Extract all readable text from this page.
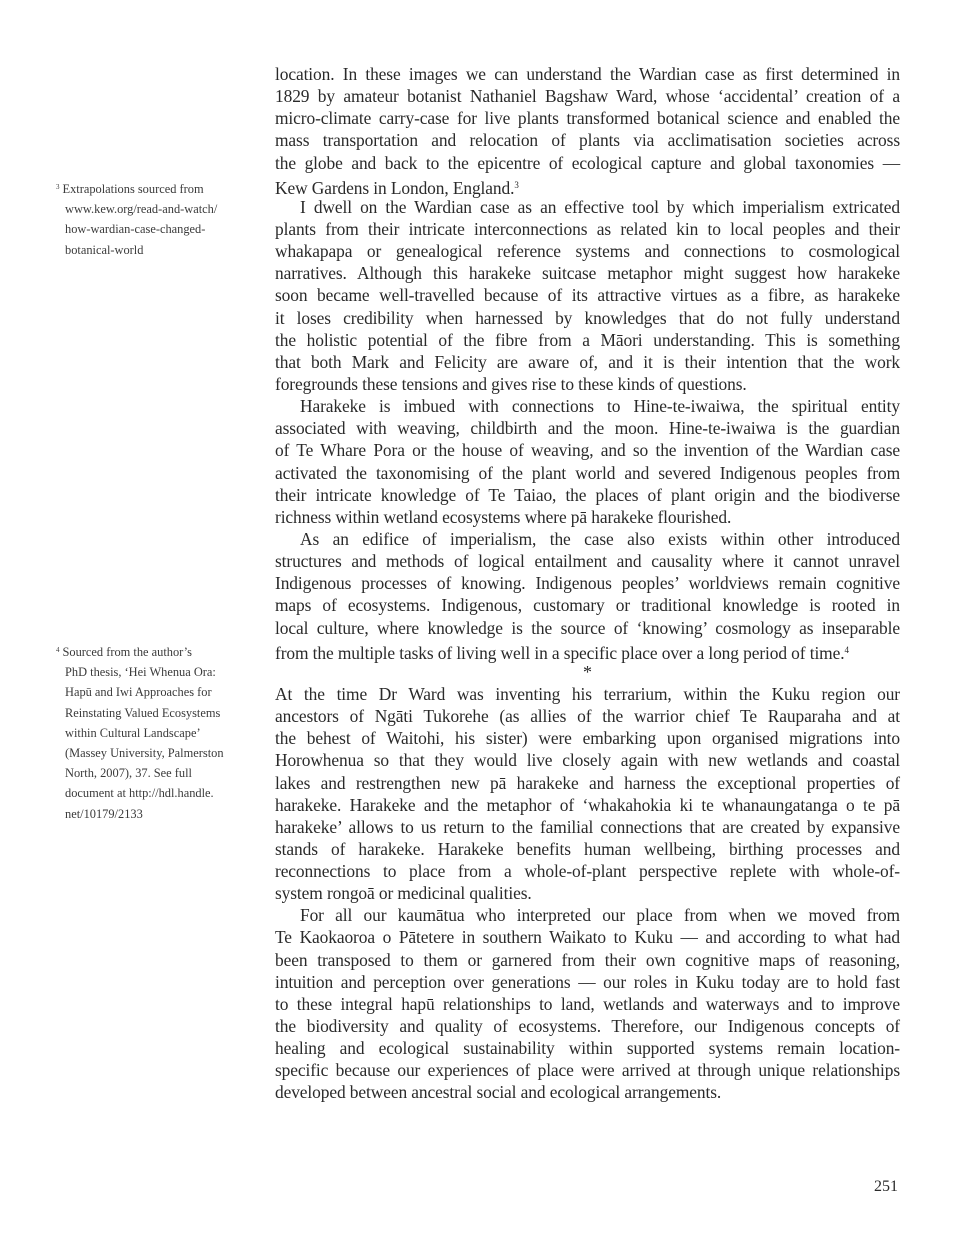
$^3$ Extrapolations sourced from
www.kew.org/read-and-watch/
how-wardian-case-changed-
botanical-world
$^4$ Sourced from the author’s
PhD thesis, ‘Hei Whenua Ora:
Hapū and Iwi Approaches for
Reinstating Valued Ecosystems
within Cultural Landscape’
(Massey University, Palmerston
North, 2007), 37. See full
document at http://hdl.handle.
net/10179/2133
location. In these images we can understand the Wardian case as first determined in
1829 by amateur botanist Nathaniel Bagshaw Ward, whose ‘accidental’ creation of a
micro-climate carry-case for live plants transformed botanical science and enabled the
mass transportation and relocation of plants via acclimatisation societies across
the globe and back to the epicentre of ecological capture and global taxonomies —
Kew Gardens in London, England.$^3$
I dwell on the Wardian case as an effective tool by which imperialism extricated
plants from their intricate interconnections as related kin to local peoples and their
whakapapa or genealogical reference systems and connections to cosmological
narratives. Although this harakeke suitcase metaphor might suggest how harakeke
soon became well-travelled because of its attractive virtues as a fibre, as harakeke
it loses credibility when harnessed by knowledges that do not fully understand
the holistic potential of the fibre from a Māori understanding. This is something
that both Mark and Felicity are aware of, and it is their intention that the work
foregrounds these tensions and gives rise to these kinds of questions.
Harakeke is imbued with connections to Hine-te-iwaiwa, the spiritual entity
associated with weaving, childbirth and the moon. Hine-te-iwaiwa is the guardian
of Te Whare Pora or the house of weaving, and so the invention of the Wardian case
activated the taxonomising of the plant world and severed Indigenous peoples from
their intricate knowledge of Te Taiao, the places of plant origin and the biodiverse
richness within wetland ecosystems where pā harakeke flourished.
As an edifice of imperialism, the case also exists within other introduced
structures and methods of logical entailment and causality where it cannot unravel
Indigenous processes of knowing. Indigenous peoples’ worldviews remain cognitive
maps of ecosystems. Indigenous, customary or traditional knowledge is rooted in
local culture, where knowledge is the source of ‘knowing’ cosmology as inseparable
from the multiple tasks of living well in a specific place over a long period of time.$^4$
*
At the time Dr Ward was inventing his terrarium, within the Kuku region our
ancestors of Ngāti Tukorehe (as allies of the warrior chief Te Rauparaha and at
the behest of Waitohi, his sister) were embarking upon organised migrations into
Horowhenua so that they would live closely again with new wetlands and coastal
lakes and restrengthen new pā harakeke and harness the exceptional properties of
harakeke. Harakeke and the metaphor of ‘whakahokia ki te whanaungatanga o te pā
harakeke’ allows to us return to the familial connections that are created by expansive
stands of harakeke. Harakeke benefits human wellbeing, birthing processes and
reconnections to place from a whole-of-plant perspective replete with whole-of-
system rongoā or medicinal qualities.
For all our kaumātua who interpreted our place from when we moved from
Te Kaokaoroa o Pātetere in southern Waikato to Kuku — and according to what had
been transposed to them or garnered from their own cognitive maps of reasoning,
intuition and perception over generations — our roles in Kuku today are to hold fast
to these integral hapū relationships to land, wetlands and waterways and to improve
the biodiversity and quality of ecosystems. Therefore, our Indigenous concepts of
healing and ecological sustainability within supported systems remain location-
specific because our experiences of place were arrived at through unique relationships
developed between ancestral social and ecological arrangements.
251
